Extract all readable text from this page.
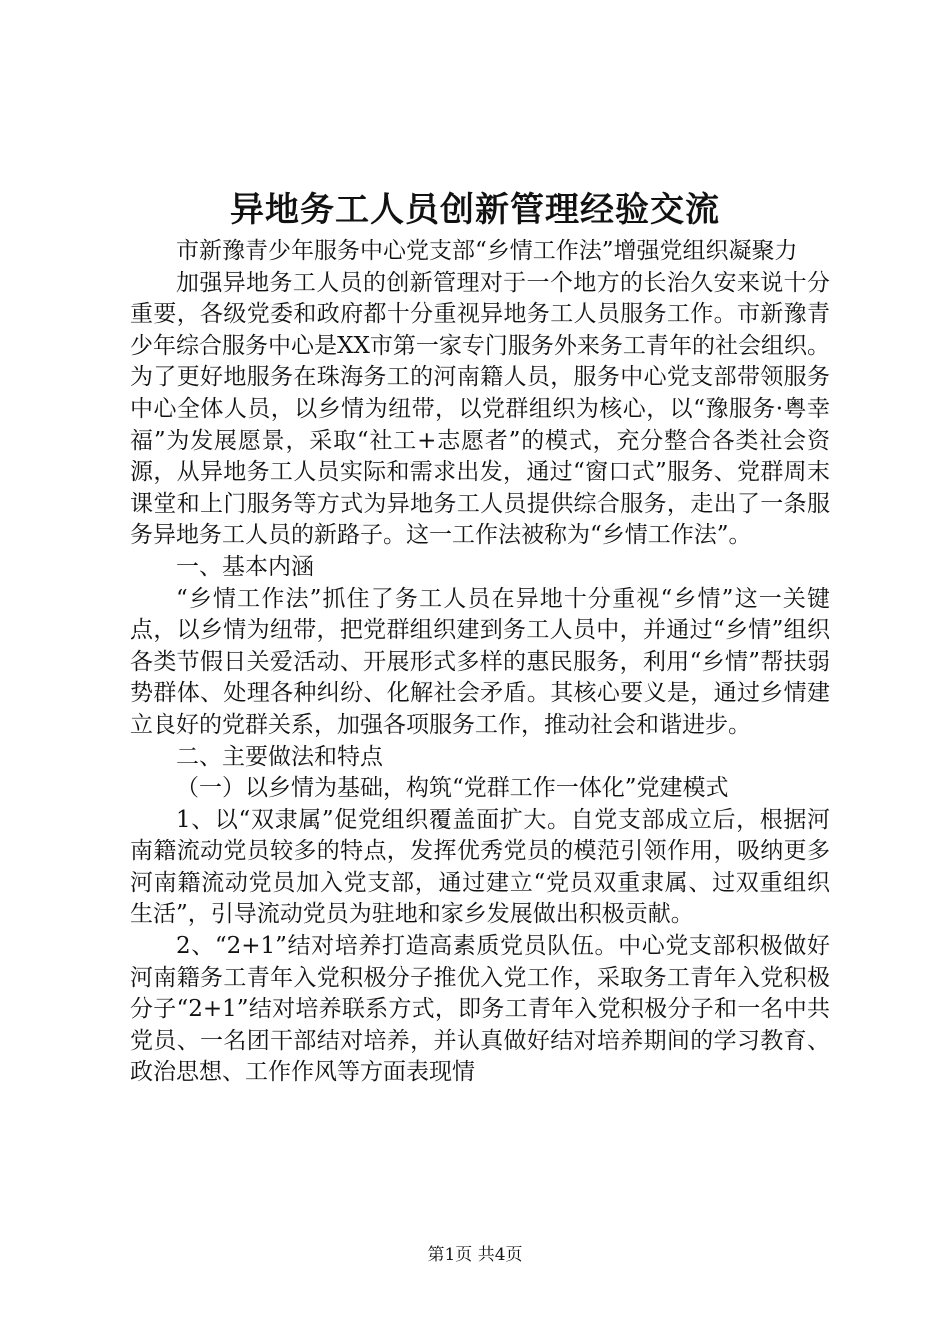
异地务工人员创新管理经验交流

市新豫青少年服务中心党支部“乡情工作法”增强党组织凝聚力

加强异地务工人员的创新管理对于一个地方的长治久安来说十分重要，各级党委和政府都十分重视异地务工人员服务工作。市新豫青少年综合服务中心是XX市第一家专门服务外来务工青年的社会组织。为了更好地服务在珠海务工的河南籍人员，服务中心党支部带领服务中心全体人员，以乡情为纽带，以党群组织为核心，以“豫服务·粤幸福”为发展愿景，采取“社工+志愿者”的模式，充分整合各类社会资源，从异地务工人员实际和需求出发，通过“窗口式”服务、党群周末课堂和上门服务等方式为异地务工人员提供综合服务，走出了一条服务异地务工人员的新路子。这一工作法被称为“乡情工作法”。

一、基本内涵

“乡情工作法”抓住了务工人员在异地十分重视“乡情”这一关键点，以乡情为纽带，把党群组织建到务工人员中，并通过“乡情”组织各类节假日关爱活动、开展形式多样的惠民服务，利用“乡情”帮扶弱势群体、处理各种纠纷、化解社会矛盾。其核心要义是，通过乡情建立良好的党群关系，加强各项服务工作，推动社会和谐进步。

二、主要做法和特点

（一）以乡情为基础，构筑“党群工作一体化”党建模式

1、以“双隶属”促党组织覆盖面扩大。自党支部成立后，根据河南籍流动党员较多的特点，发挥优秀党员的模范引领作用，吸纳更多河南籍流动党员加入党支部，通过建立“党员双重隶属、过双重组织生活”，引导流动党员为驻地和家乡发展做出积极贡献。

2、“2+1”结对培养打造高素质党员队伍。中心党支部积极做好河南籍务工青年入党积极分子推优入党工作，采取务工青年入党积极分子“2+1”结对培养联系方式，即务工青年入党积极分子和一名中共党员、一名团干部结对培养，并认真做好结对培养期间的学习教育、政治思想、工作作风等方面表现情

第1页 共4页
